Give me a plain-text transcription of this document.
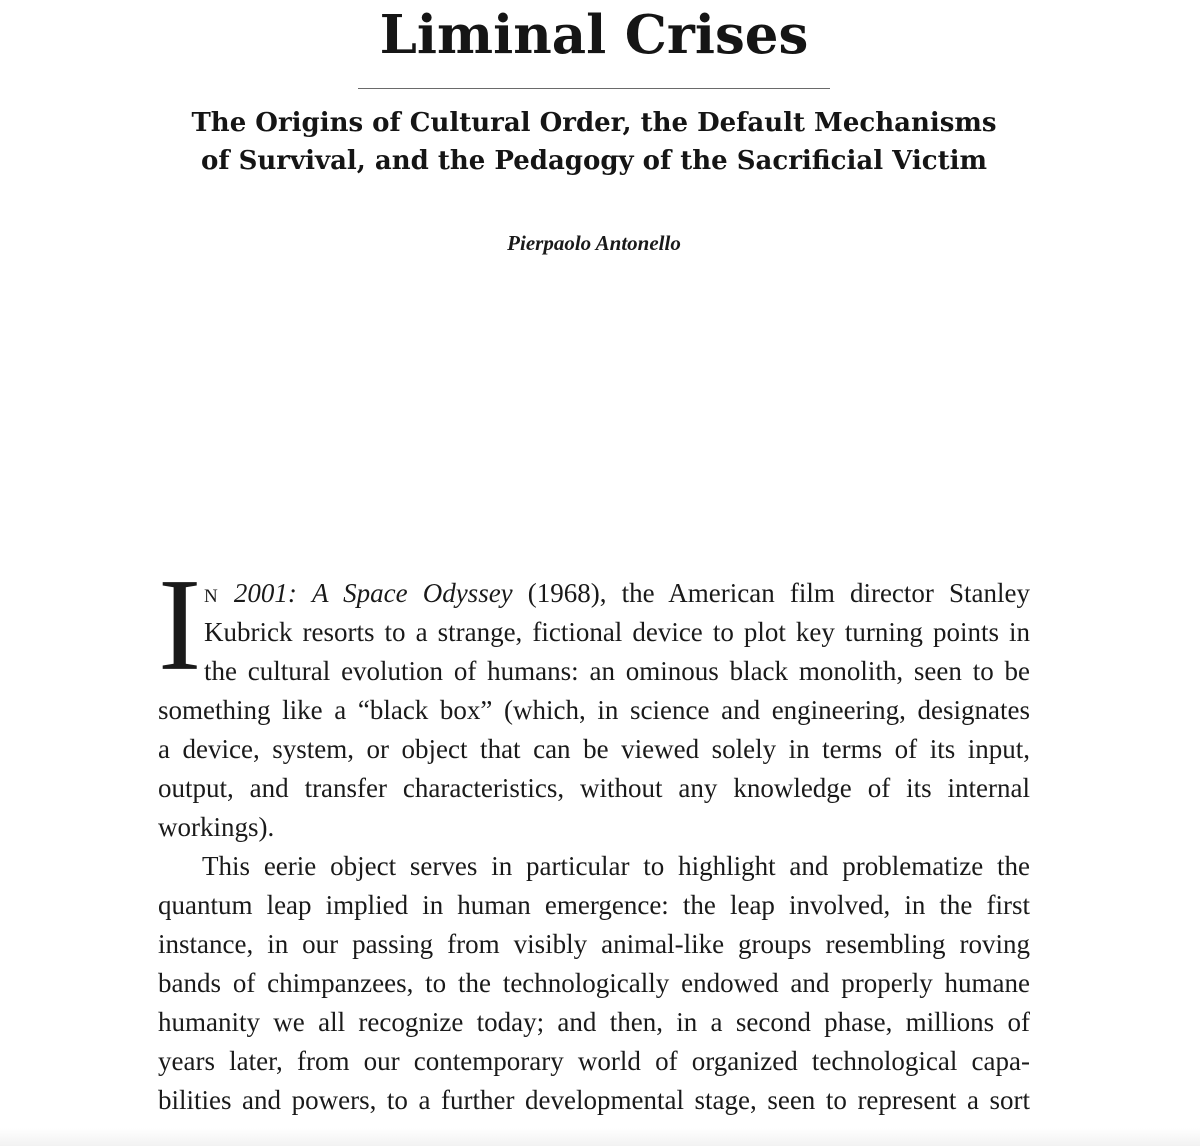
Liminal Crises
The Origins of Cultural Order, the Default Mechanisms
of Survival, and the Pedagogy of the Sacrificial Victim

Pierpaolo Antonello

I n 2001: A Space Odyssey (1968), the American film director Stanley
Kubrick resorts to a strange, fictional device to plot key turning points in
the cultural evolution of humans: an ominous black monolith, seen to be
something like a “black box” (which, in science and engineering, designates
a device, system, or object that can be viewed solely in terms of its input,
output, and transfer characteristics, without any knowledge of its internal
workings).
This eerie object serves in particular to highlight and problematize the
quantum leap implied in human emergence: the leap involved, in the first
instance, in our passing from visibly animal-like groups resembling roving
bands of chimpanzees, to the technologically endowed and properly humane
humanity we all recognize today; and then, in a second phase, millions of
years later, from our contemporary world of organized technological capa-
bilities and powers, to a further developmental stage, seen to represent a sort
